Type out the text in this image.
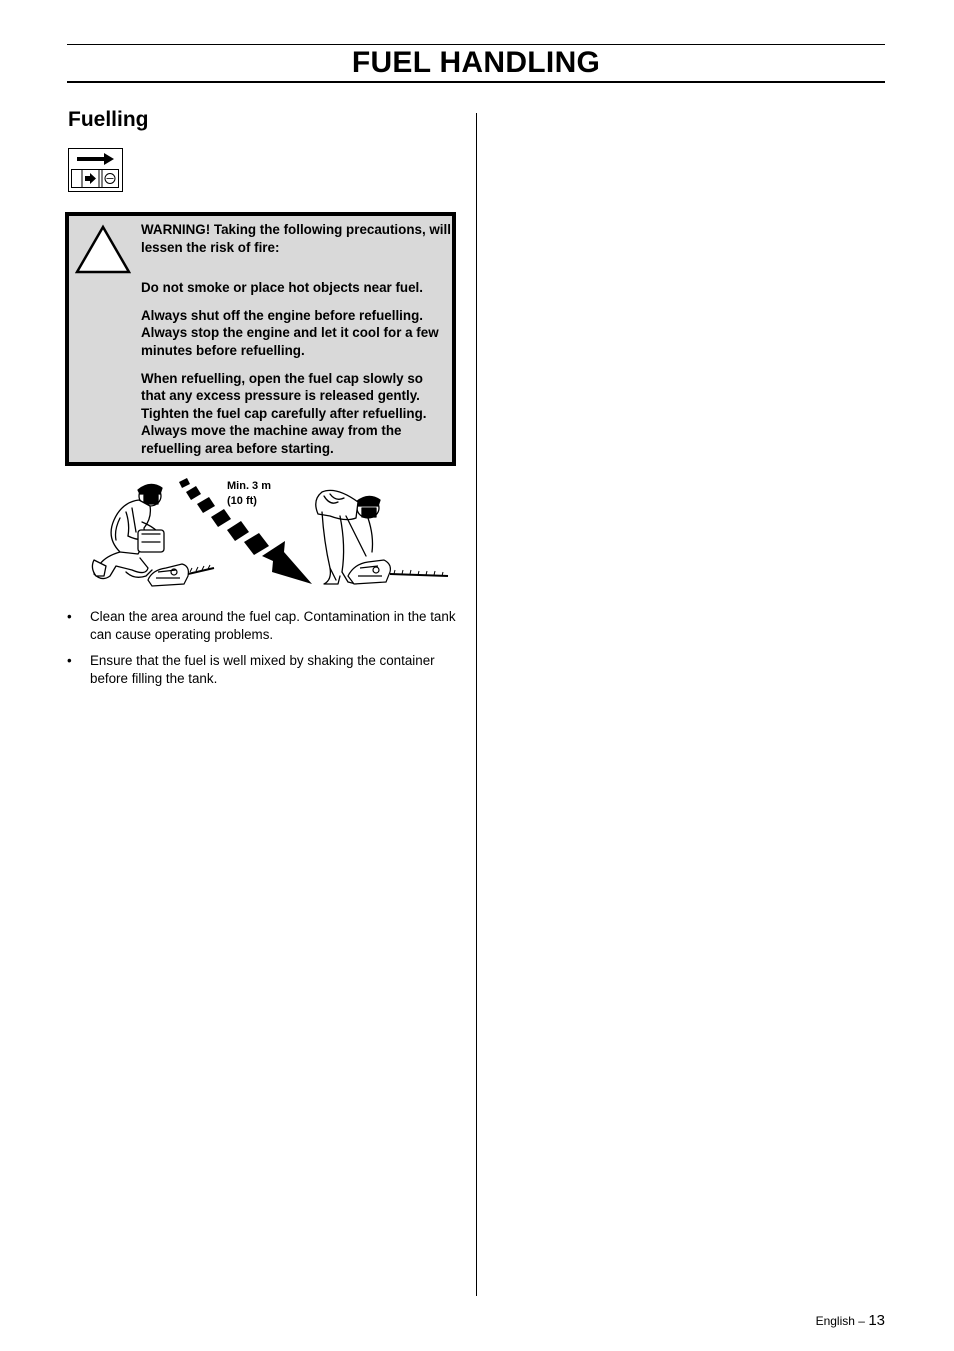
FUEL HANDLING
Fuelling

WARNING! Taking the following precautions, will lessen the risk of fire:

Do not smoke or place hot objects near fuel.

Always shut off the engine before refuelling. Always stop the engine and let it cool for a few minutes before refuelling.

When refuelling, open the fuel cap slowly so that any excess pressure is released gently. Tighten the fuel cap carefully after refuelling. Always move the machine away from the refuelling area before starting.

Min. 3 m
(10 ft)
• Clean the area around the fuel cap. Contamination in the tank can cause operating problems.
• Ensure that the fuel is well mixed by shaking the container before filling the tank.
English – 13
